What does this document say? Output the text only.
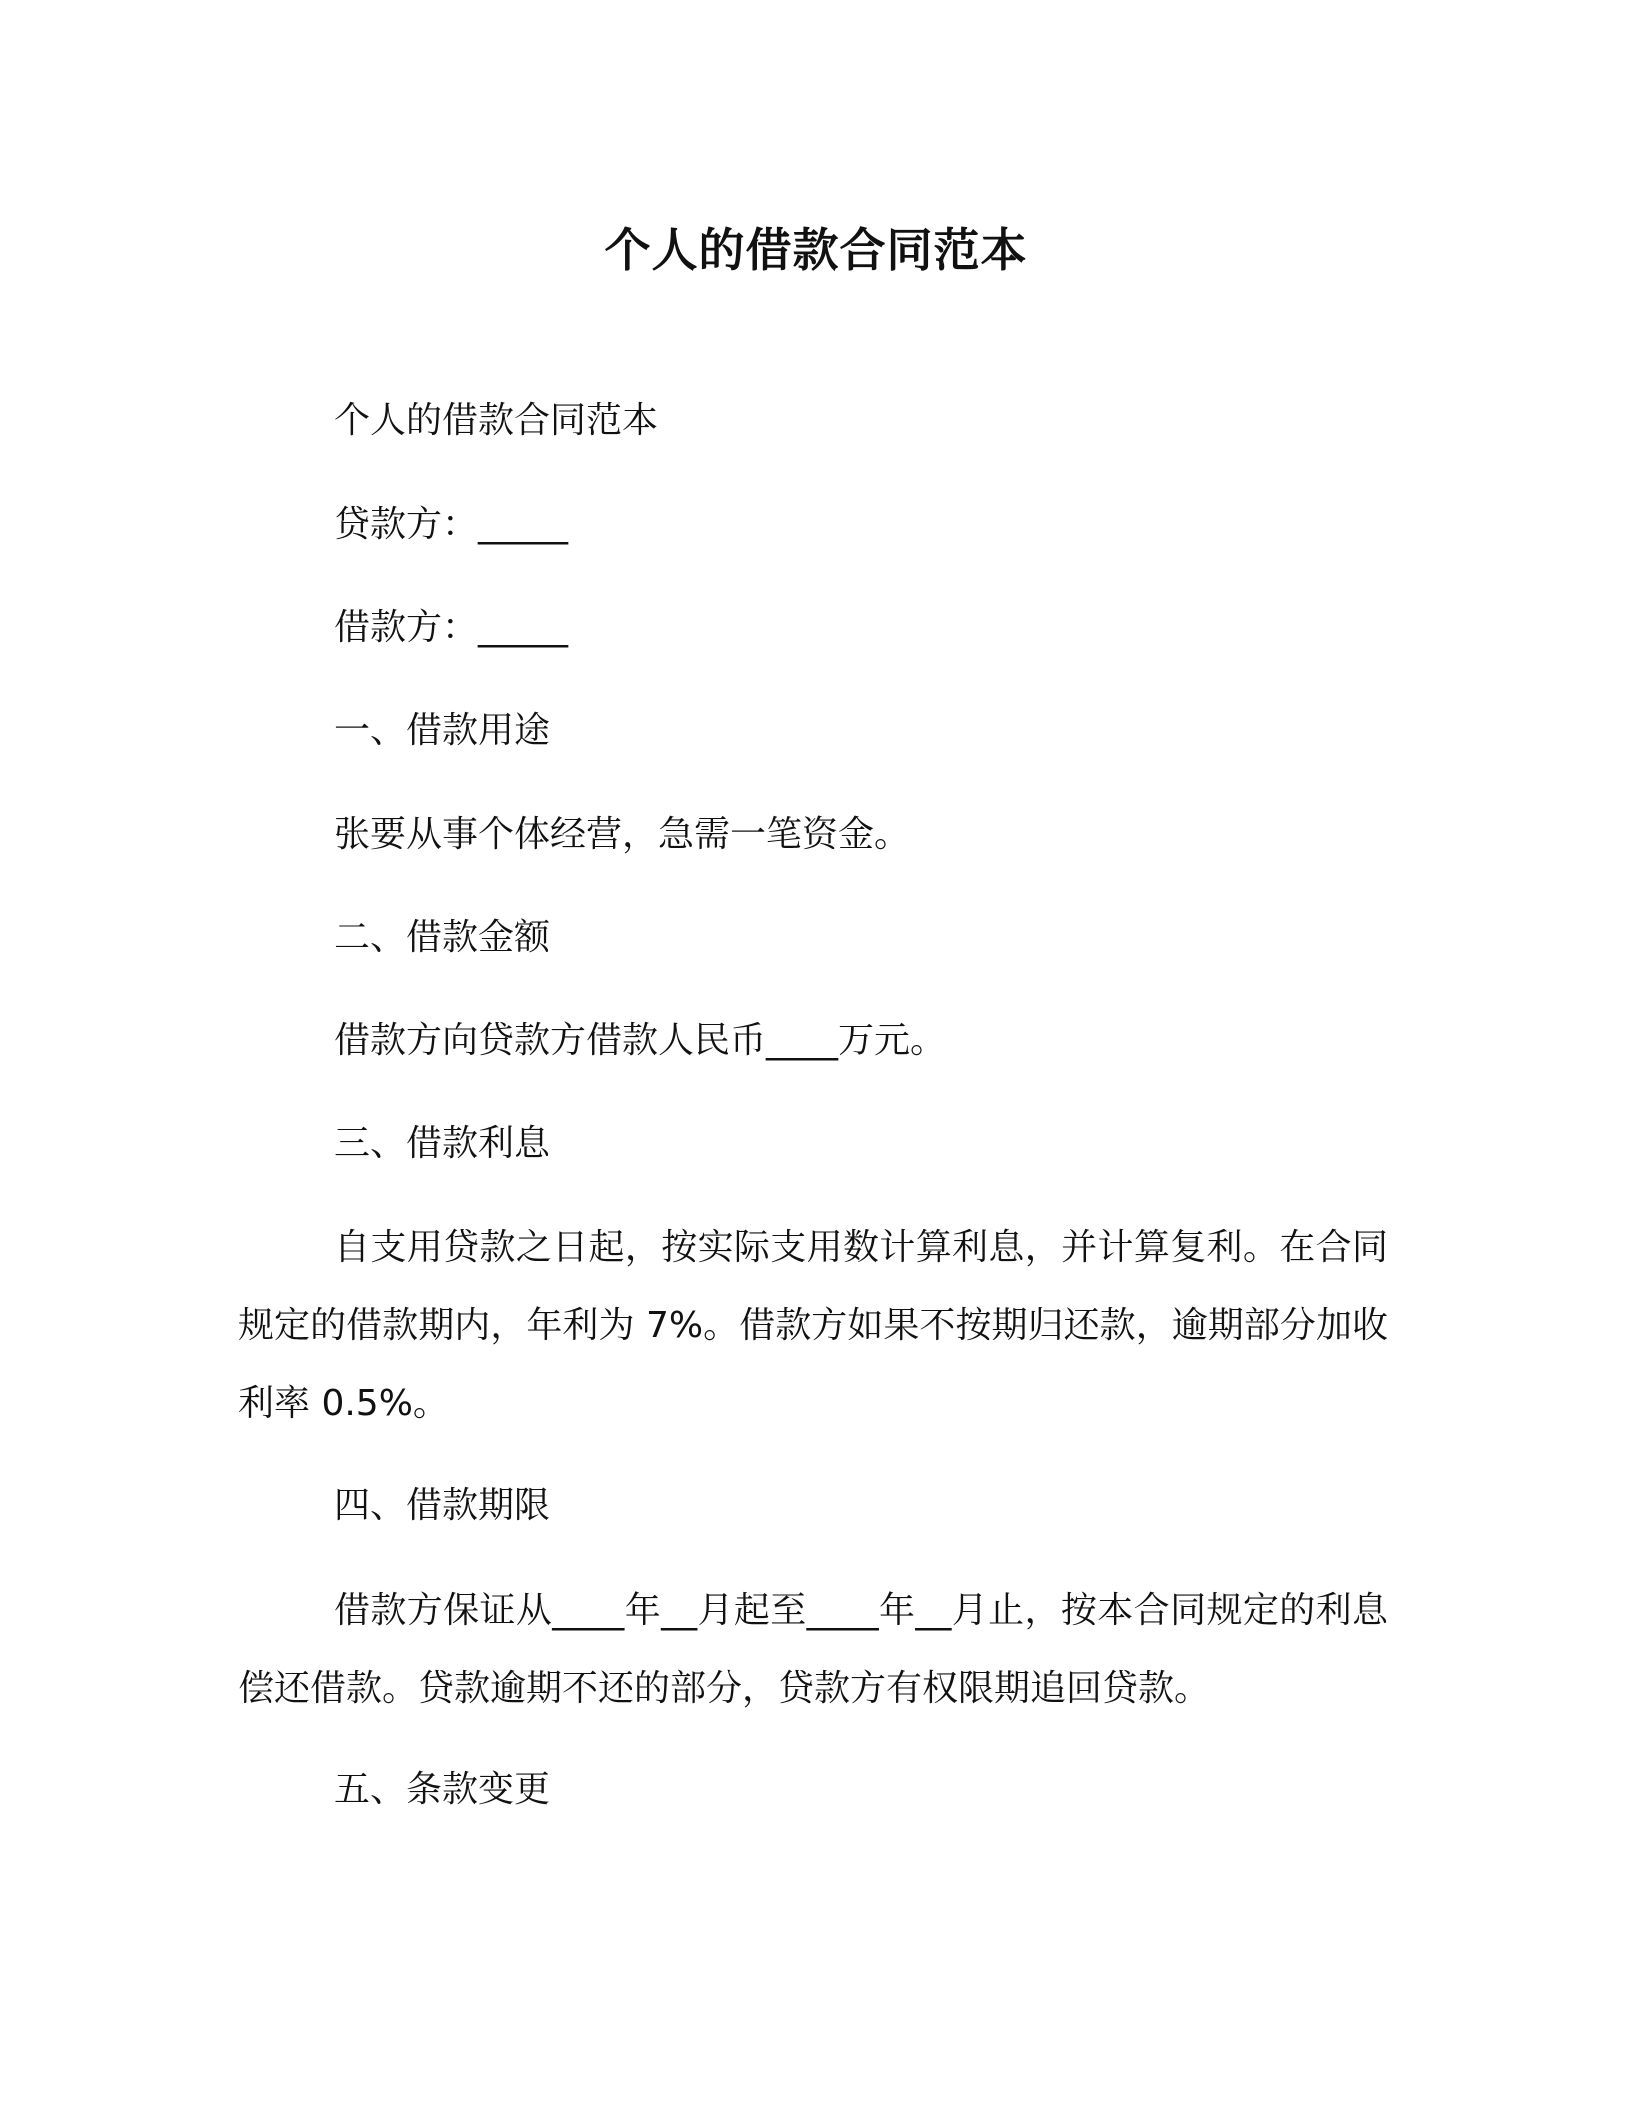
个人的借款合同范本
个人的借款合同范本
贷款方：_____
借款方：_____
一、借款用途
张要从事个体经营，急需一笔资金。
二、借款金额
借款方向贷款方借款人民币____万元。
三、借款利息
自支用贷款之日起，按实际支用数计算利息，并计算复利。在合同规定的借款期内，年利为 7%。借款方如果不按期归还款，逾期部分加收利率 0.5%。
四、借款期限
借款方保证从____年__月起至____年__月止，按本合同规定的利息偿还借款。贷款逾期不还的部分，贷款方有权限期追回贷款。
五、条款变更
